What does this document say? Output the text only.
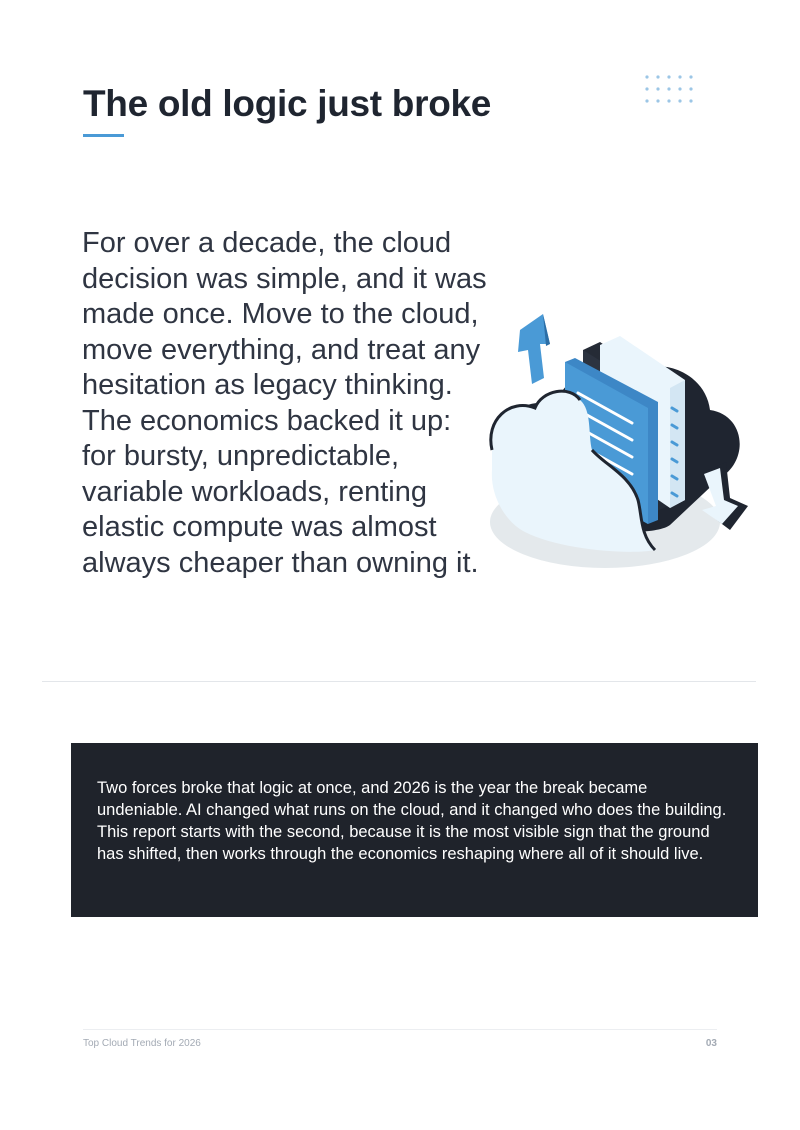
The old logic just broke

For over a decade, the cloud decision was simple, and it was made once. Move to the cloud, move everything, and treat any hesitation as legacy thinking. The economics backed it up: for bursty, unpredictable, variable workloads, renting elastic compute was almost always cheaper than owning it.

Two forces broke that logic at once, and 2026 is the year the break became undeniable. AI changed what runs on the cloud, and it changed who does the building. This report starts with the second, because it is the most visible sign that the ground has shifted, then works through the economics reshaping where all of it should live.

Top Cloud Trends for 2026	03
